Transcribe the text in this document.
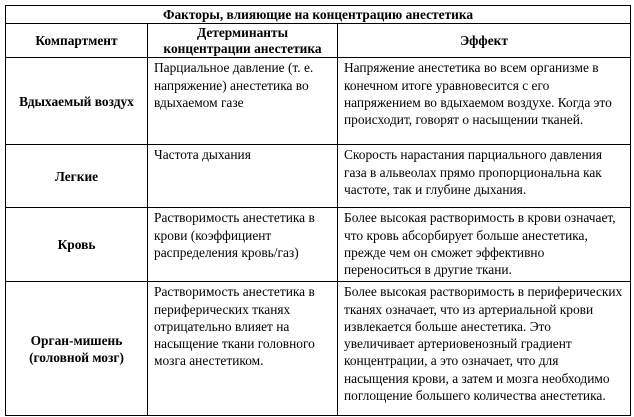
Факторы, влияющие на концентрацию анестетика		
Компартмент	Детерминанты концентрации анестетика	Эффект
Вдыхаемый воздух	Парциальное давление (т. е. напряжение) анестетика во вдыхаемом газе	Напряжение анестетика во всем организме в конечном итоге уравновесится с его напряжением во вдыхаемом воздухе. Когда это происходит, говорят о насыщении тканей.
Легкие	Частота дыхания	Скорость нарастания парциального давления газа в альвеолах прямо пропорциональна как частоте, так и глубине дыхания.
Кровь	Растворимость анестетика в крови (коэффициент распределения кровь/газ)	Более высокая растворимость в крови означает, что кровь абсорбирует больше анестетика, прежде чем он сможет эффективно переноситься в другие ткани.
Орган-мишень (головной мозг)	Растворимость анестетика в периферических тканях отрицательно влияет на насыщение ткани головного мозга анестетиком.	Более высокая растворимость в периферических тканях означает, что из артериальной крови извлекается больше анестетика. Это увеличивает артериовенозный градиент концентрации, а это означает, что для насыщения крови, а затем и мозга необходимо поглощение большего количества анестетика.
